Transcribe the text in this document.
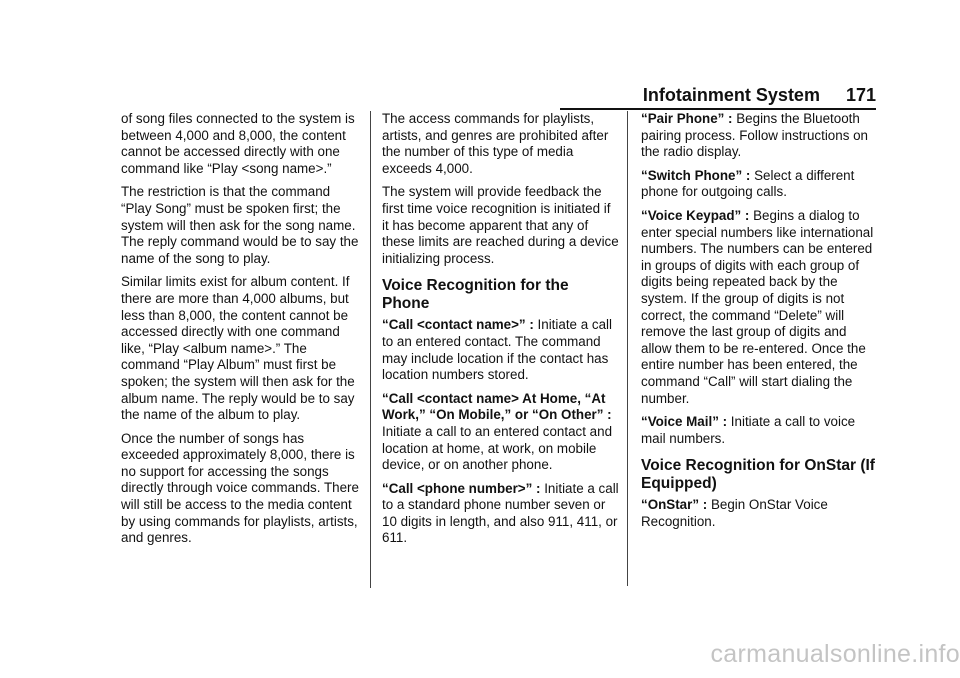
Infotainment System 171

of song files connected to the system is between 4,000 and 8,000, the content cannot be accessed directly with one command like “Play <song name>.”

The restriction is that the command “Play Song” must be spoken first; the system will then ask for the song name. The reply command would be to say the name of the song to play.

Similar limits exist for album content. If there are more than 4,000 albums, but less than 8,000, the content cannot be accessed directly with one command like, “Play <album name>.” The command “Play Album” must first be spoken; the system will then ask for the album name. The reply would be to say the name of the album to play.

Once the number of songs has exceeded approximately 8,000, there is no support for accessing the songs directly through voice commands. There will still be access to the media content by using commands for playlists, artists, and genres.

The access commands for playlists, artists, and genres are prohibited after the number of this type of media exceeds 4,000.

The system will provide feedback the first time voice recognition is initiated if it has become apparent that any of these limits are reached during a device initializing process.

Voice Recognition for the Phone

“Call <contact name>” : Initiate a call to an entered contact. The command may include location if the contact has location numbers stored.

“Call <contact name> At Home, “At Work,” “On Mobile,” or “On Other” : Initiate a call to an entered contact and location at home, at work, on mobile device, or on another phone.

“Call <phone number>” : Initiate a call to a standard phone number seven or 10 digits in length, and also 911, 411, or 611.

“Pair Phone” : Begins the Bluetooth pairing process. Follow instructions on the radio display.

“Switch Phone” : Select a different phone for outgoing calls.

“Voice Keypad” : Begins a dialog to enter special numbers like international numbers. The numbers can be entered in groups of digits with each group of digits being repeated back by the system. If the group of digits is not correct, the command “Delete” will remove the last group of digits and allow them to be re-entered. Once the entire number has been entered, the command “Call” will start dialing the number.

“Voice Mail” : Initiate a call to voice mail numbers.

Voice Recognition for OnStar (If Equipped)

“OnStar” : Begin OnStar Voice Recognition.

carmanualsonline.info
